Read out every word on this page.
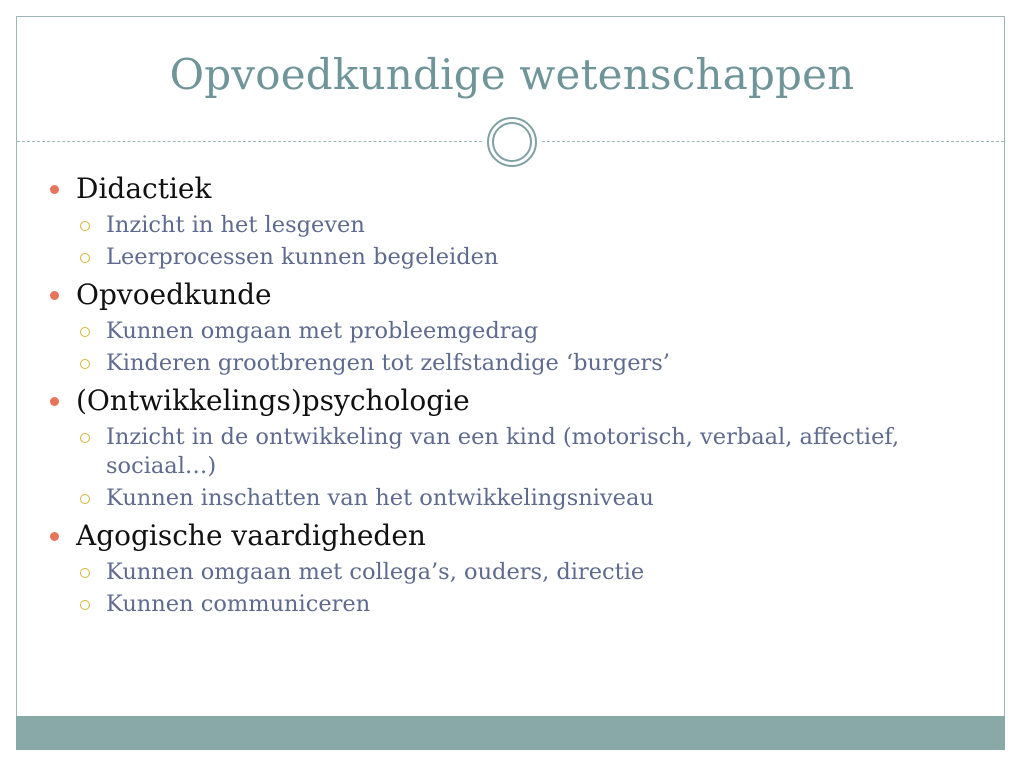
Opvoedkundige wetenschappen
Didactiek
Inzicht in het lesgeven
Leerprocessen kunnen begeleiden
Opvoedkunde
Kunnen omgaan met probleemgedrag
Kinderen grootbrengen tot zelfstandige ‘burgers’
(Ontwikkelings)psychologie
Inzicht in de ontwikkeling van een kind (motorisch, verbaal, affectief, sociaal…)
Kunnen inschatten van het ontwikkelingsniveau
Agogische vaardigheden
Kunnen omgaan met collega’s, ouders, directie
Kunnen communiceren
